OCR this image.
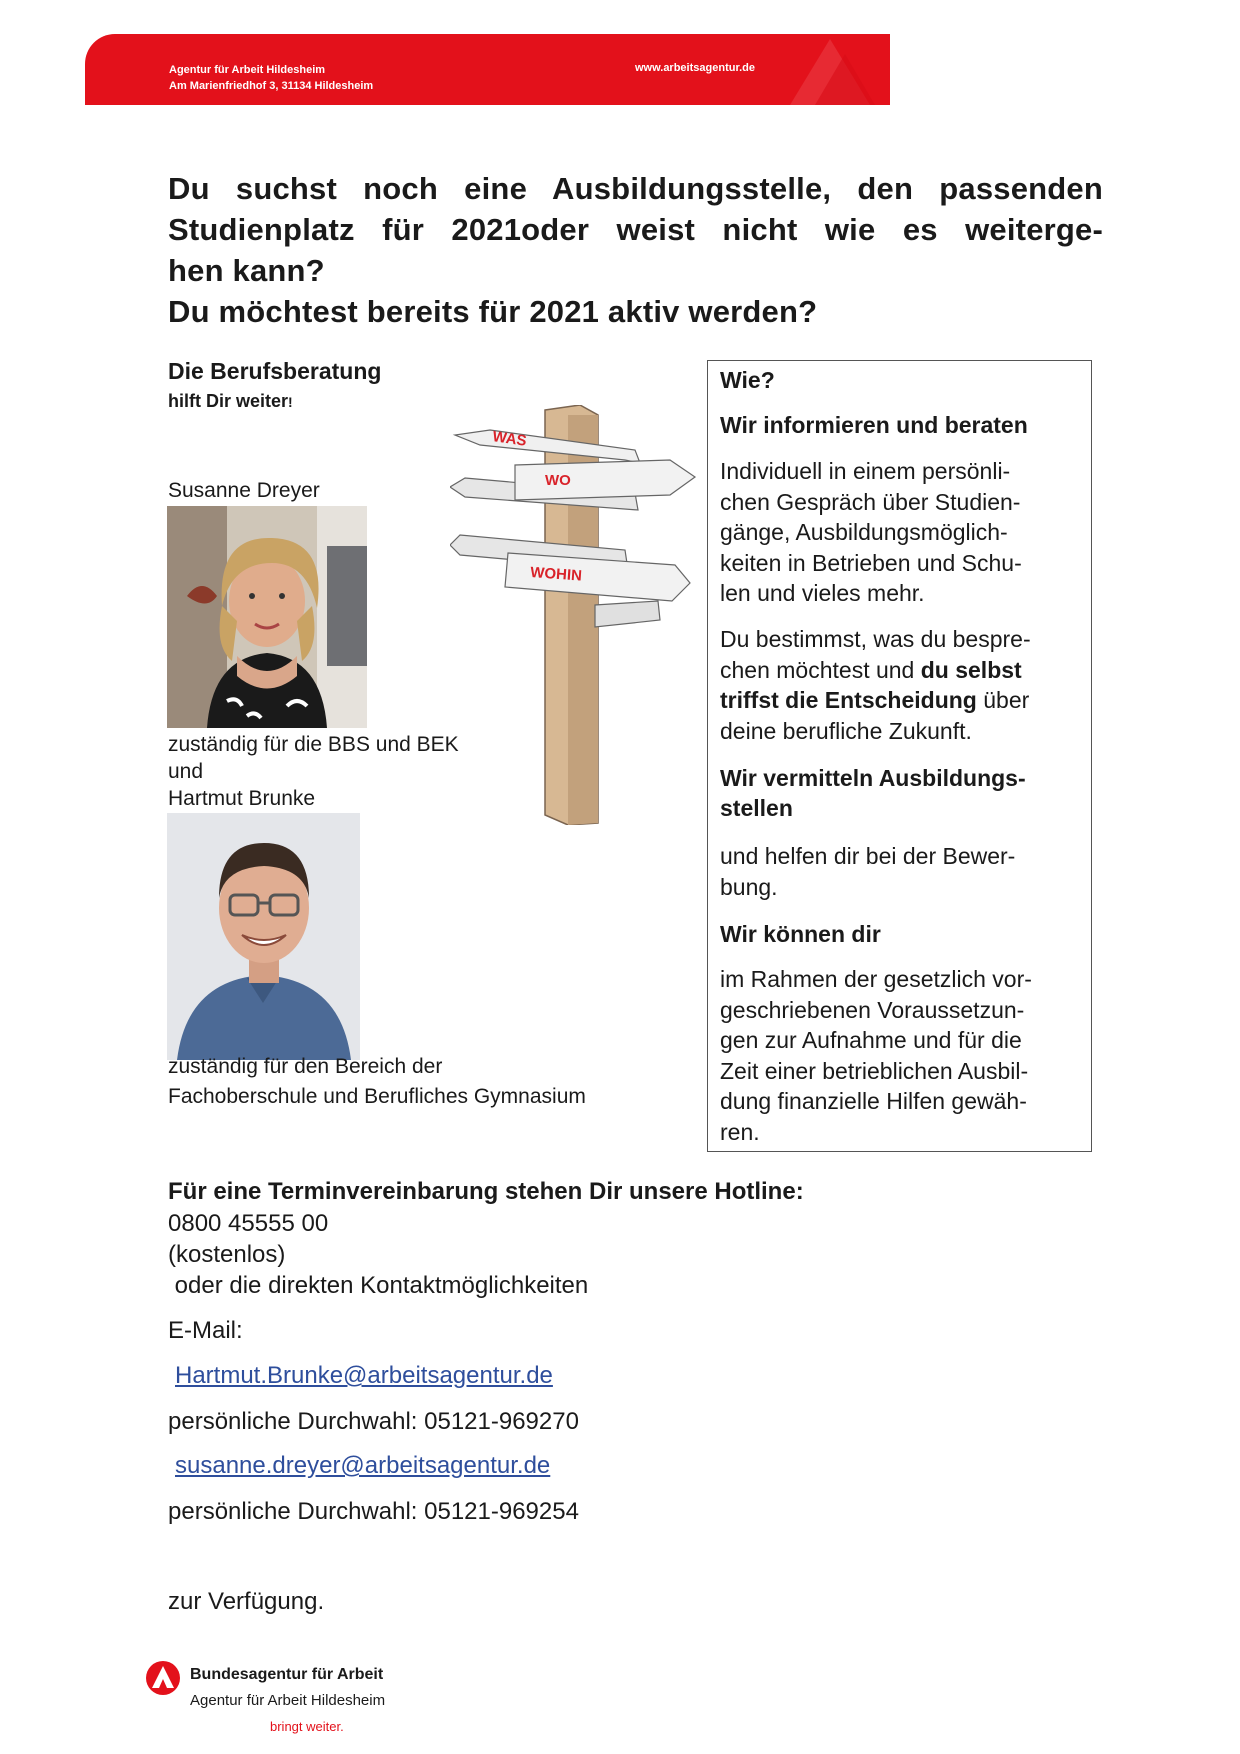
Agentur für Arbeit Hildesheim
Am Marienfriedhof 3, 31134 Hildesheim
www.arbeitsagentur.de
Du suchst noch eine Ausbildungsstelle, den passenden
Studienplatz für 2021oder weist nicht wie es weiterge-
hen kann?
Du möchtest bereits für 2021 aktiv werden?
Die Berufsberatung
hilft Dir weiter!
Susanne Dreyer
zuständig für die BBS und BEK
und
Hartmut Brunke
zuständig für den Bereich der
Fachoberschule und Berufliches Gymnasium
WAS
WO
WOHIN
Wie?
Wir informieren und beraten
Individuell in einem persönli-
chen Gespräch über Studien-
gänge, Ausbildungsmöglich-
keiten in Betrieben und Schu-
len und vieles mehr.
Du bestimmst, was du bespre-
chen möchtest und du selbst
triffst die Entscheidung über
deine berufliche Zukunft.
Wir vermitteln Ausbildungs-
stellen
und helfen dir bei der Bewer-
bung.
Wir können dir
im Rahmen der gesetzlich vor-
geschriebenen Voraussetzun-
gen zur Aufnahme und für die
Zeit einer betrieblichen Ausbil-
dung finanzielle Hilfen gewäh-
ren.
Für eine Terminvereinbarung stehen Dir unsere Hotline:
0800 45555 00
(kostenlos)
oder die direkten Kontaktmöglichkeiten
E-Mail:
Hartmut.Brunke@arbeitsagentur.de
persönliche Durchwahl: 05121-969270
susanne.dreyer@arbeitsagentur.de
persönliche Durchwahl: 05121-969254
zur Verfügung.
Bundesagentur für Arbeit
Agentur für Arbeit Hildesheim
bringt weiter.
